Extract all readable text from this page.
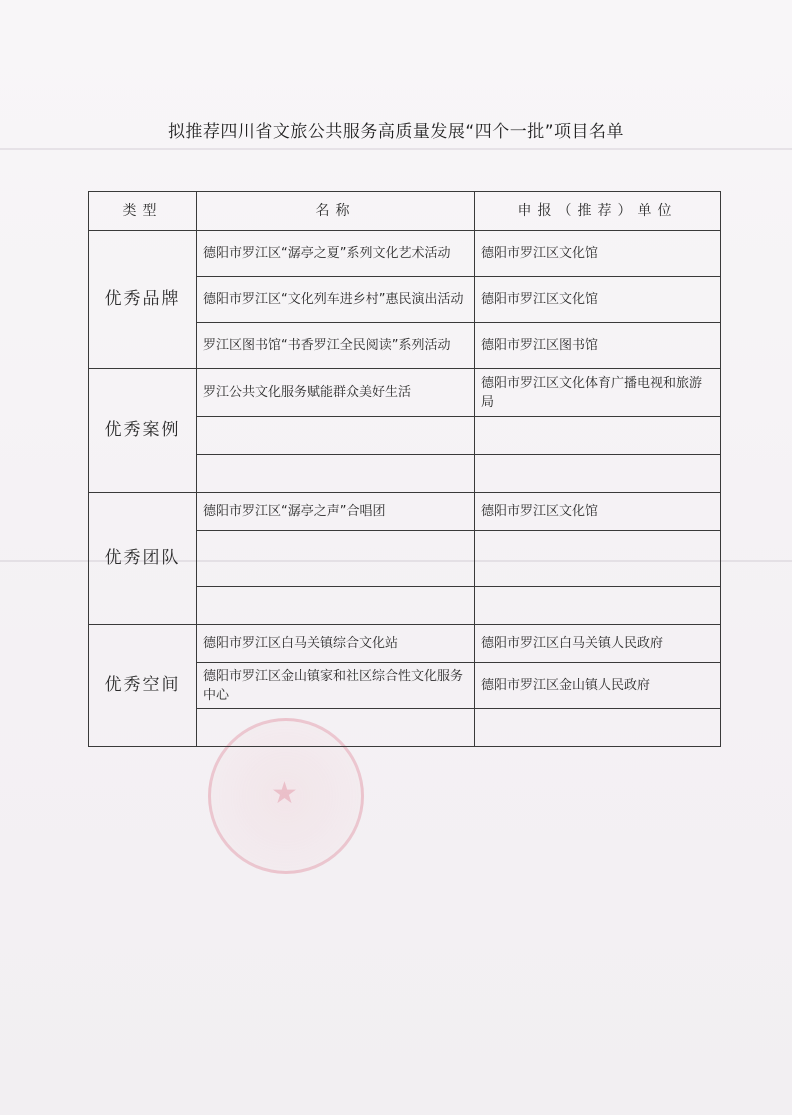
★
拟推荐四川省文旅公共服务高质量发展“四个一批”项目名单
类型	名称	申报（推荐）单位
优秀品牌	德阳市罗江区“潺亭之夏”系列文化艺术活动	德阳市罗江区文化馆
	德阳市罗江区“文化列车进乡村”惠民演出活动	德阳市罗江区文化馆
	罗江区图书馆“书香罗江全民阅读”系列活动	德阳市罗江区图书馆
优秀案例	罗江公共文化服务赋能群众美好生活	德阳市罗江区文化体育广播电视和旅游局

优秀团队	德阳市罗江区“潺亭之声”合唱团	德阳市罗江区文化馆

优秀空间	德阳市罗江区白马关镇综合文化站	德阳市罗江区白马关镇人民政府
	德阳市罗江区金山镇家和社区综合性文化服务中心	德阳市罗江区金山镇人民政府
